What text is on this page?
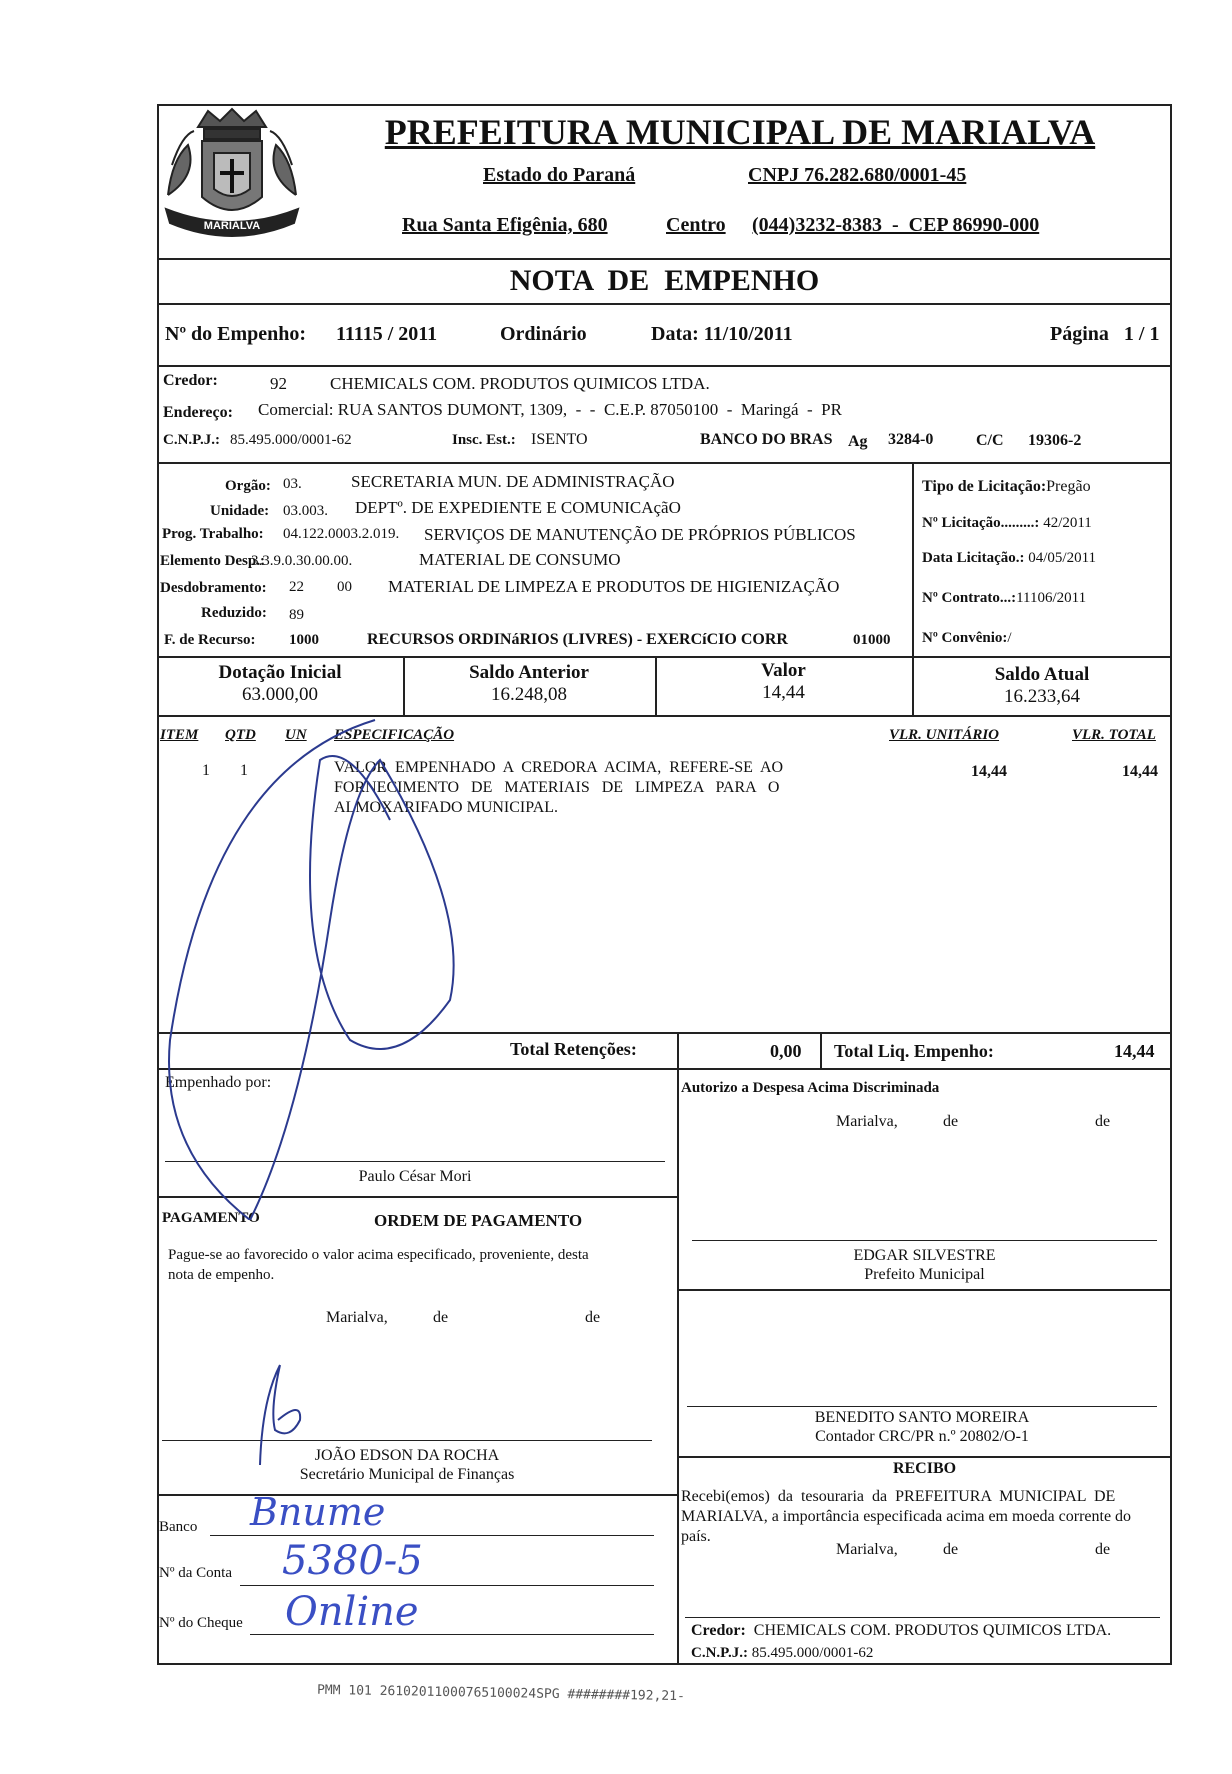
MARIALVA
PREFEITURA MUNICIPAL DE MARIALVA
Estado do Paraná	CNPJ 76.282.680/0001-45
Rua Santa Efigênia, 680	Centro (044)3232-8383  -  CEP 86990-000
NOTA  DE  EMPENHO
Nº do Empenho: 11115 / 2011	Ordinário	Data: 11/10/2011	Página   1 / 1
Credor:	92	CHEMICALS COM. PRODUTOS QUIMICOS LTDA.
Endereço: Comercial: RUA SANTOS DUMONT, 1309,  -  -  C.E.P. 87050100  -  Maringá  -  PR
C.N.P.J.: 85.495.000/0001-62	Insc. Est.: ISENTO	BANCO DO BRAS Ag 3284-0	C/C 19306-2
Orgão: 03.	SECRETARIA MUN. DE ADMINISTRAÇÃO
Unidade: 03.003. DEPTº. DE EXPEDIENTE E COMUNICAçãO
Prog. Trabalho: 04.122.0003.2.019. SERVIÇOS DE MANUTENÇÃO DE PRÓPRIOS PÚBLICOS
Elemento Desp.:
3.3.9.0.30.00.00.	MATERIAL DE CONSUMO
Desdobramento: 22 00 MATERIAL DE LIMPEZA E PRODUTOS DE HIGIENIZAÇÃO
Reduzido: 89
F. de Recurso: 1000	RECURSOS ORDINáRIOS (LIVRES) - EXERCíCIO CORR	01000
Tipo de Licitação:Pregão
Nº Licitação.........: 42/2011
Data Licitação.: 04/05/2011
Nº Contrato...:11106/2011
Nº Convênio:/
Dotação Inicial
63.000,00
Saldo Anterior
16.248,08
Valor
14,44
Saldo Atual
16.233,64
ITEM QTD UN ESPECIFICAÇÃO	VLR. UNITÁRIO	VLR. TOTAL
1 1	VALOR  EMPENHADO  A  CREDORA  ACIMA,  REFERE-SE  AO
FORNECIMENTO   DE   MATERIAIS   DE   LIMPEZA   PARA   O
ALMOXARIFADO MUNICIPAL.
14,44	14,44
Total Retenções:	0,00 Total Liq. Empenho:	14,44
Empenhado por:
Paulo César Mori
Autorizo a Despesa Acima Discriminada
Marialva,	de	de
EDGAR SILVESTRE
Prefeito Municipal
PAGAMENTO	ORDEM DE PAGAMENTO
Pague-se ao favorecido o valor acima especificado, proveniente, desta
nota de empenho.
Marialva,	de	de
JOÃO EDSON DA ROCHA
Secretário Municipal de Finanças
BENEDITO SANTO MOREIRA
Contador CRC/PR n.º 20802/O-1
RECIBO
Recebi(emos)  da  tesouraria  da  PREFEITURA  MUNICIPAL  DE
MARIALVA, a importância especificada acima em moeda corrente do
país.
Marialva,	de	de
Credor: CHEMICALS COM. PRODUTOS QUIMICOS LTDA.
C.N.P.J.: 85.495.000/0001-62
Banco Bnume
Nº da Conta 5380-5
Nº do Cheque Online
PMM 101 26102011000765100024SPG ########192,21-
